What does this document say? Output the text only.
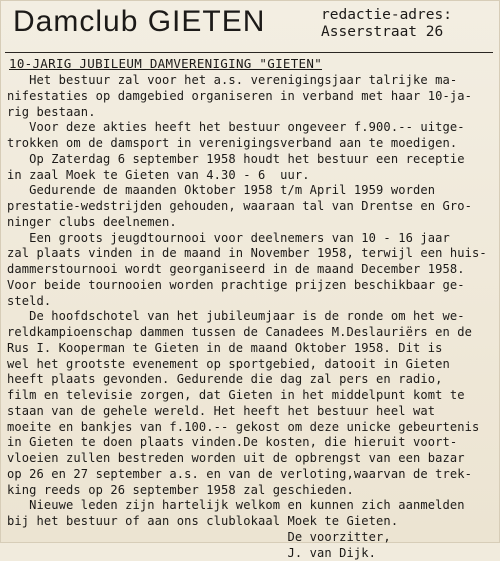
Damclub GIETEN	redactie-adres:
Asserstraat 26
10-JARIG JUBILEUM DAMVERENIGING "GIETEN"
Het bestuur zal voor het a.s. verenigingsjaar talrijke ma-
nifestaties op damgebied organiseren in verband met haar 10-ja-
rig bestaan.
Voor deze akties heeft het bestuur ongeveer f.900.-- uitge-
trokken om de damsport in verenigingsverband aan te moedigen.
Op Zaterdag 6 september 1958 houdt het bestuur een receptie
in zaal Moek te Gieten van 4.30 - 6  uur.
Gedurende de maanden Oktober 1958 t/m April 1959 worden
prestatie-wedstrijden gehouden, waaraan tal van Drentse en Gro-
ninger clubs deelnemen.
Een groots jeugdtournooi voor deelnemers van 10 - 16 jaar
zal plaats vinden in de maand in November 1958, terwijl een huis-
dammerstournooi wordt georganiseerd in de maand December 1958.
Voor beide tournooien worden prachtige prijzen beschikbaar ge-
steld.
De hoofdschotel van het jubileumjaar is de ronde om het we-
reldkampioenschap dammen tussen de Canadees M.Deslauriërs en de
Rus I. Kooperman te Gieten in de maand Oktober 1958. Dit is
wel het grootste evenement op sportgebied, datooit in Gieten
heeft plaats gevonden. Gedurende die dag zal pers en radio,
film en televisie zorgen, dat Gieten in het middelpunt komt te
staan van de gehele wereld. Het heeft het bestuur heel wat
moeite en bankjes van f.100.-- gekost om deze unicke gebeurtenis
in Gieten te doen plaats vinden.De kosten, die hieruit voort-
vloeien zullen bestreden worden uit de opbrengst van een bazar
op 26 en 27 september a.s. en van de verloting,waarvan de trek-
king reeds op 26 september 1958 zal geschieden.
Nieuwe leden zijn hartelijk welkom en kunnen zich aanmelden
bij het bestuur of aan ons clublokaal Moek te Gieten.
De voorzitter,
J. van Dijk.
